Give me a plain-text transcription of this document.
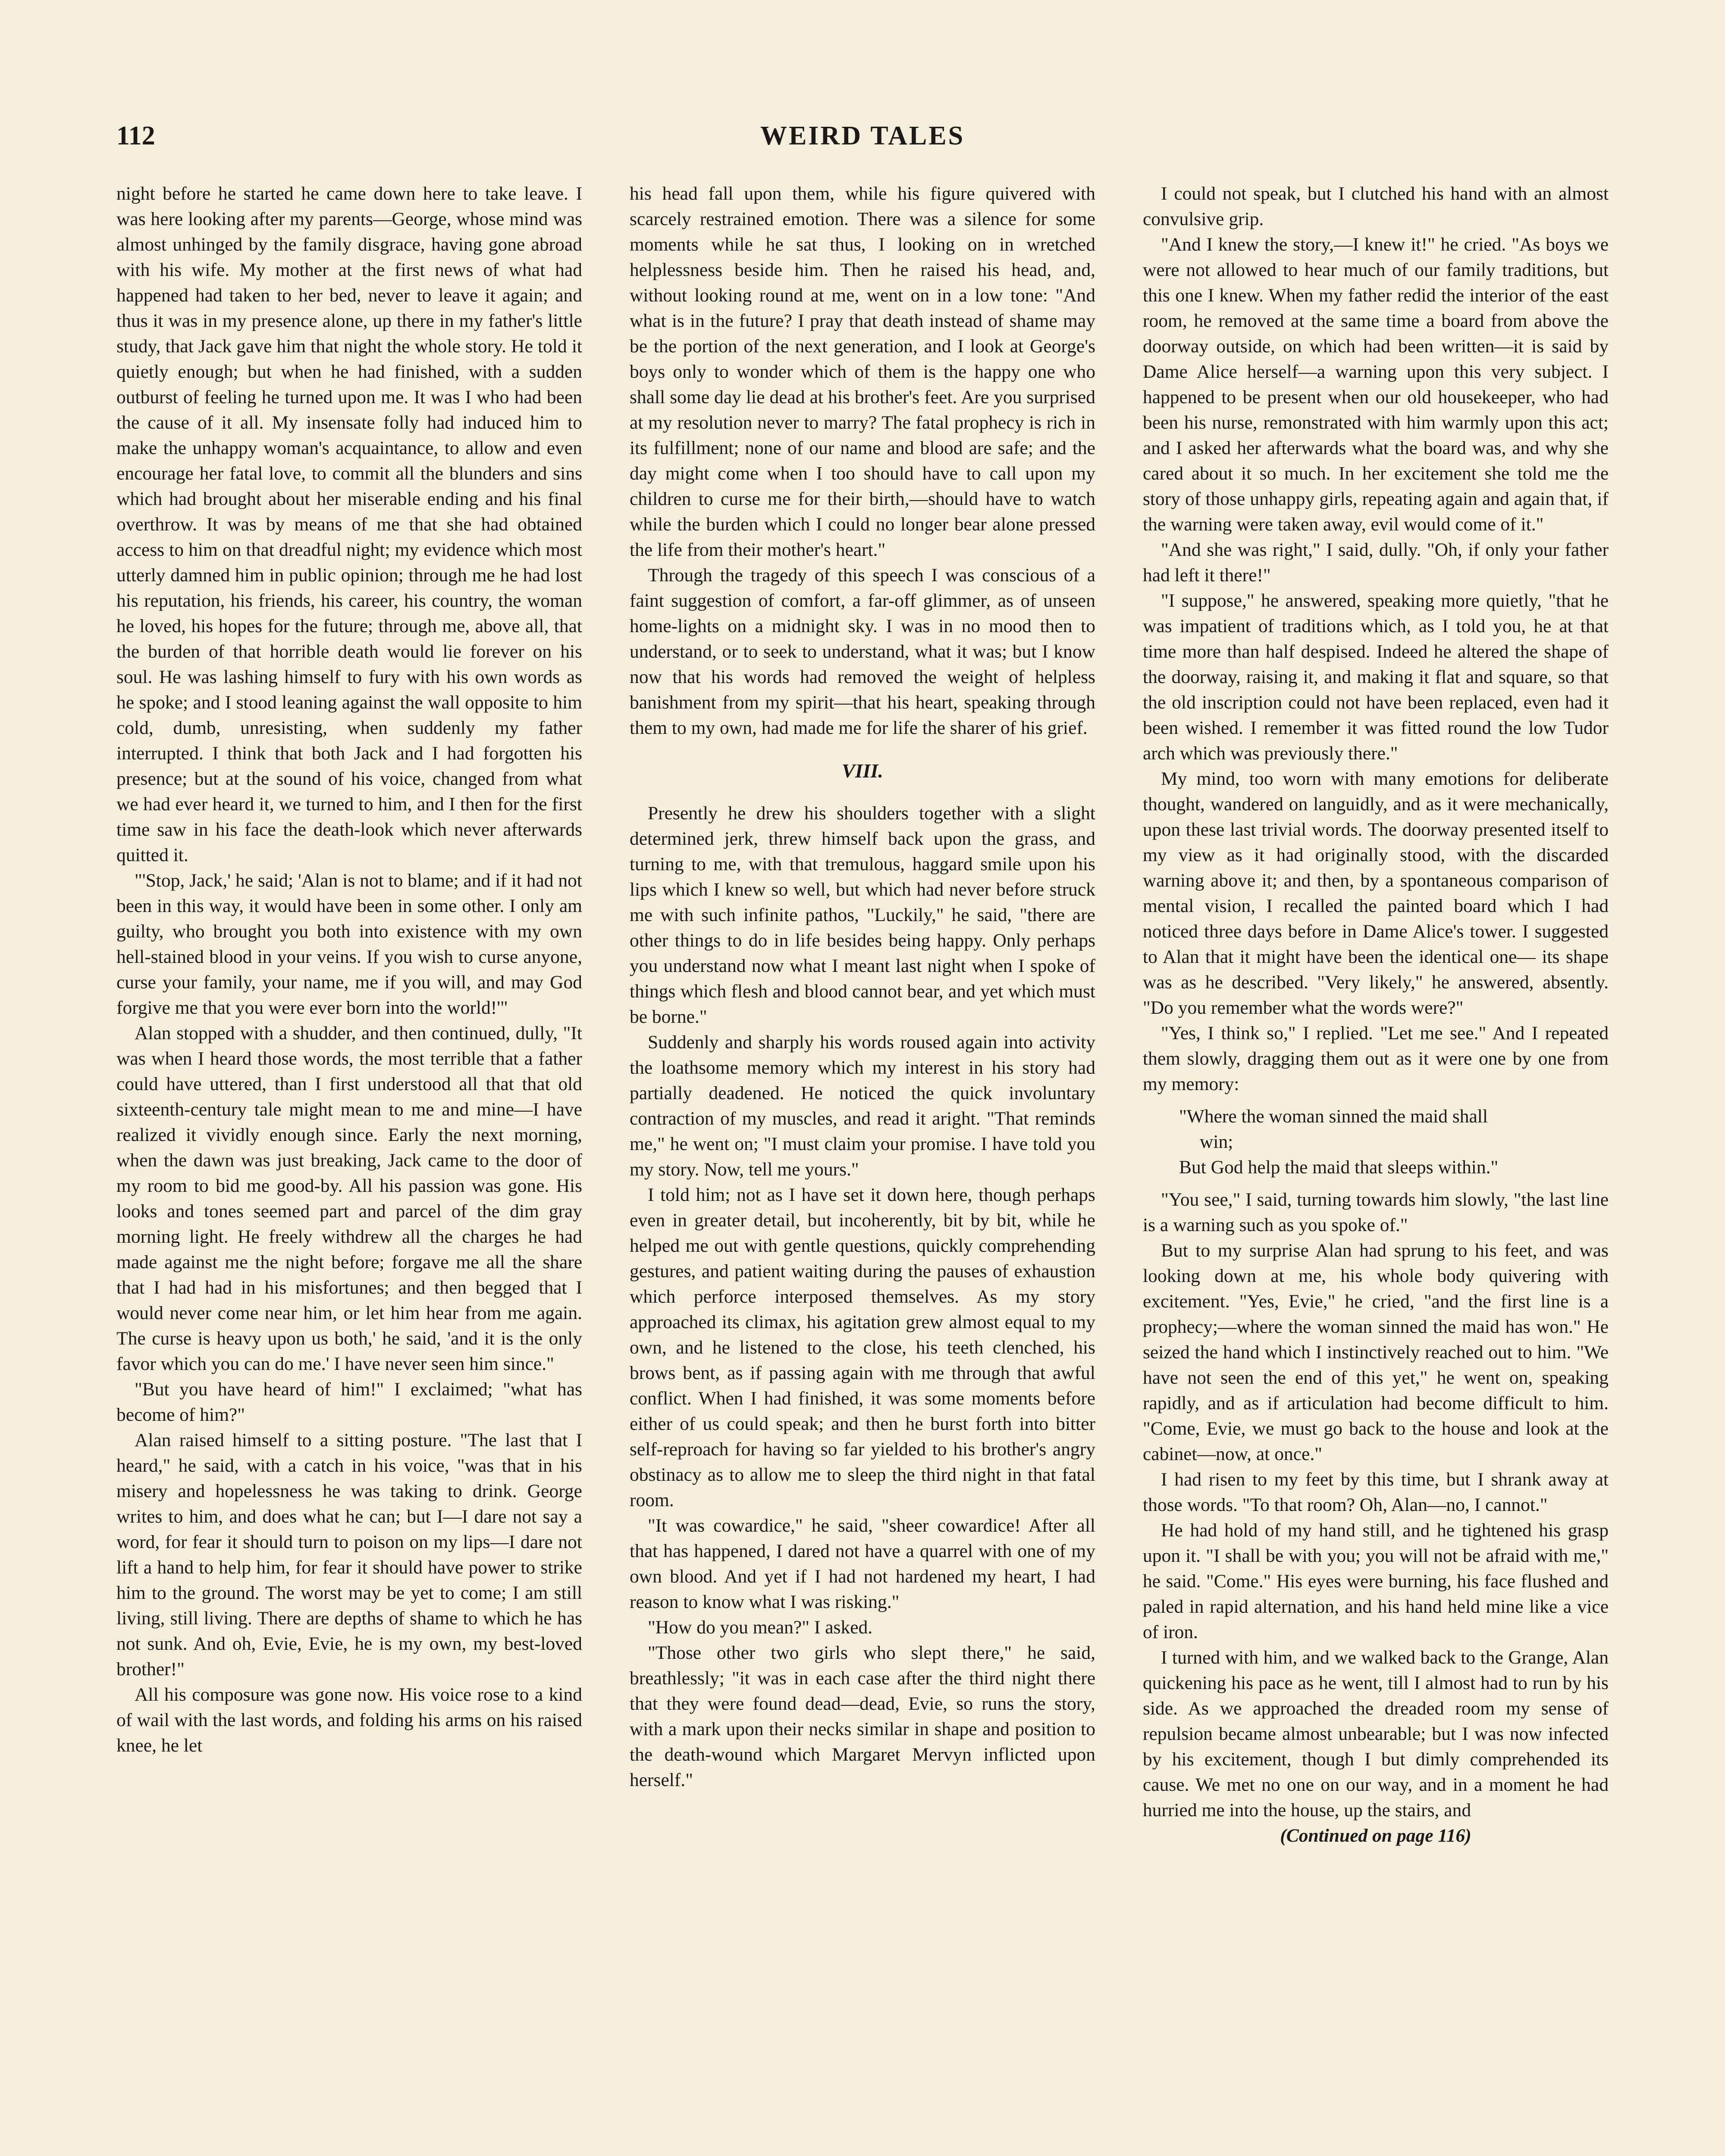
112	WEIRD TALES

night before he started he came down here to take leave. I was here looking after my parents—George, whose mind was almost unhinged by the family disgrace, having gone abroad with his wife. My mother at the first news of what had happened had taken to her bed, never to leave it again; and thus it was in my presence alone, up there in my father's little study, that Jack gave him that night the whole story. He told it quietly enough; but when he had finished, with a sudden outburst of feeling he turned upon me. It was I who had been the cause of it all. My insensate folly had induced him to make the unhappy woman's acquaintance, to allow and even encourage her fatal love, to commit all the blunders and sins which had brought about her miserable ending and his final overthrow. It was by means of me that she had obtained access to him on that dreadful night; my evidence which most utterly damned him in public opinion; through me he had lost his reputation, his friends, his career, his country, the woman he loved, his hopes for the future; through me, above all, that the burden of that horrible death would lie forever on his soul. He was lashing himself to fury with his own words as he spoke; and I stood leaning against the wall opposite to him cold, dumb, unresisting, when suddenly my father interrupted. I think that both Jack and I had forgotten his presence; but at the sound of his voice, changed from what we had ever heard it, we turned to him, and I then for the first time saw in his face the death-look which never afterwards quitted it.

"'Stop, Jack,' he said; 'Alan is not to blame; and if it had not been in this way, it would have been in some other. I only am guilty, who brought you both into existence with my own hell-stained blood in your veins. If you wish to curse anyone, curse your family, your name, me if you will, and may God forgive me that you were ever born into the world!'"

Alan stopped with a shudder, and then continued, dully, "It was when I heard those words, the most terrible that a father could have uttered, than I first understood all that that old sixteenth-century tale might mean to me and mine—I have realized it vividly enough since. Early the next morning, when the dawn was just breaking, Jack came to the door of my room to bid me good-by. All his passion was gone. His looks and tones seemed part and parcel of the dim gray morning light. He freely withdrew all the charges he had made against me the night before; forgave me all the share that I had had in his misfortunes; and then begged that I would never come near him, or let him hear from me again. The curse is heavy upon us both,' he said, 'and it is the only favor which you can do me.' I have never seen him since."

"But you have heard of him!" I exclaimed; "what has become of him?"

Alan raised himself to a sitting posture. "The last that I heard," he said, with a catch in his voice, "was that in his misery and hopelessness he was taking to drink. George writes to him, and does what he can; but I—I dare not say a word, for fear it should turn to poison on my lips—I dare not lift a hand to help him, for fear it should have power to strike him to the ground. The worst may be yet to come; I am still living, still living. There are depths of shame to which he has not sunk. And oh, Evie, Evie, he is my own, my best-loved brother!"

All his composure was gone now. His voice rose to a kind of wail with the last words, and folding his arms on his raised knee, he let

his head fall upon them, while his figure quivered with scarcely restrained emotion. There was a silence for some moments while he sat thus, I looking on in wretched helplessness beside him. Then he raised his head, and, without looking round at me, went on in a low tone: "And what is in the future? I pray that death instead of shame may be the portion of the next generation, and I look at George's boys only to wonder which of them is the happy one who shall some day lie dead at his brother's feet. Are you surprised at my resolution never to marry? The fatal prophecy is rich in its fulfillment; none of our name and blood are safe; and the day might come when I too should have to call upon my children to curse me for their birth,—should have to watch while the burden which I could no longer bear alone pressed the life from their mother's heart."

Through the tragedy of this speech I was conscious of a faint suggestion of comfort, a far-off glimmer, as of unseen home-lights on a midnight sky. I was in no mood then to understand, or to seek to understand, what it was; but I know now that his words had removed the weight of helpless banishment from my spirit—that his heart, speaking through them to my own, had made me for life the sharer of his grief.

VIII.

Presently he drew his shoulders together with a slight determined jerk, threw himself back upon the grass, and turning to me, with that tremulous, haggard smile upon his lips which I knew so well, but which had never before struck me with such infinite pathos, "Luckily," he said, "there are other things to do in life besides being happy. Only perhaps you understand now what I meant last night when I spoke of things which flesh and blood cannot bear, and yet which must be borne."

Suddenly and sharply his words roused again into activity the loathsome memory which my interest in his story had partially deadened. He noticed the quick involuntary contraction of my muscles, and read it aright. "That reminds me," he went on; "I must claim your promise. I have told you my story. Now, tell me yours."

I told him; not as I have set it down here, though perhaps even in greater detail, but incoherently, bit by bit, while he helped me out with gentle questions, quickly comprehending gestures, and patient waiting during the pauses of exhaustion which perforce interposed themselves. As my story approached its climax, his agitation grew almost equal to my own, and he listened to the close, his teeth clenched, his brows bent, as if passing again with me through that awful conflict. When I had finished, it was some moments before either of us could speak; and then he burst forth into bitter self-reproach for having so far yielded to his brother's angry obstinacy as to allow me to sleep the third night in that fatal room.

"It was cowardice," he said, "sheer cowardice! After all that has happened, I dared not have a quarrel with one of my own blood. And yet if I had not hardened my heart, I had reason to know what I was risking."

"How do you mean?" I asked.

"Those other two girls who slept there," he said, breathlessly; "it was in each case after the third night there that they were found dead—dead, Evie, so runs the story, with a mark upon their necks similar in shape and position to the death-wound which Margaret Mervyn inflicted upon herself."

I could not speak, but I clutched his hand with an almost convulsive grip.

"And I knew the story,—I knew it!" he cried. "As boys we were not allowed to hear much of our family traditions, but this one I knew. When my father redid the interior of the east room, he removed at the same time a board from above the doorway outside, on which had been written—it is said by Dame Alice herself—a warning upon this very subject. I happened to be present when our old housekeeper, who had been his nurse, remonstrated with him warmly upon this act; and I asked her afterwards what the board was, and why she cared about it so much. In her excitement she told me the story of those unhappy girls, repeating again and again that, if the warning were taken away, evil would come of it."

"And she was right," I said, dully. "Oh, if only your father had left it there!"

"I suppose," he answered, speaking more quietly, "that he was impatient of traditions which, as I told you, he at that time more than half despised. Indeed he altered the shape of the doorway, raising it, and making it flat and square, so that the old inscription could not have been replaced, even had it been wished. I remember it was fitted round the low Tudor arch which was previously there."

My mind, too worn with many emotions for deliberate thought, wandered on languidly, and as it were mechanically, upon these last trivial words. The doorway presented itself to my view as it had originally stood, with the discarded warning above it; and then, by a spontaneous comparison of mental vision, I recalled the painted board which I had noticed three days before in Dame Alice's tower. I suggested to Alan that it might have been the identical one— its shape was as he described. "Very likely," he answered, absently. "Do you remember what the words were?"

"Yes, I think so," I replied. "Let me see." And I repeated them slowly, dragging them out as it were one by one from my memory:

"Where the woman sinned the maid shall

win;

But God help the maid that sleeps within."

"You see," I said, turning towards him slowly, "the last line is a warning such as you spoke of."

But to my surprise Alan had sprung to his feet, and was looking down at me, his whole body quivering with excitement. "Yes, Evie," he cried, "and the first line is a prophecy;—where the woman sinned the maid has won." He seized the hand which I instinctively reached out to him. "We have not seen the end of this yet," he went on, speaking rapidly, and as if articulation had become difficult to him. "Come, Evie, we must go back to the house and look at the cabinet—now, at once."

I had risen to my feet by this time, but I shrank away at those words. "To that room? Oh, Alan—no, I cannot."

He had hold of my hand still, and he tightened his grasp upon it. "I shall be with you; you will not be afraid with me," he said. "Come." His eyes were burning, his face flushed and paled in rapid alternation, and his hand held mine like a vice of iron.

I turned with him, and we walked back to the Grange, Alan quickening his pace as he went, till I almost had to run by his side. As we approached the dreaded room my sense of repulsion became almost unbearable; but I was now infected by his excitement, though I but dimly comprehended its cause. We met no one on our way, and in a moment he had hurried me into the house, up the stairs, and

(Continued on page 116)
